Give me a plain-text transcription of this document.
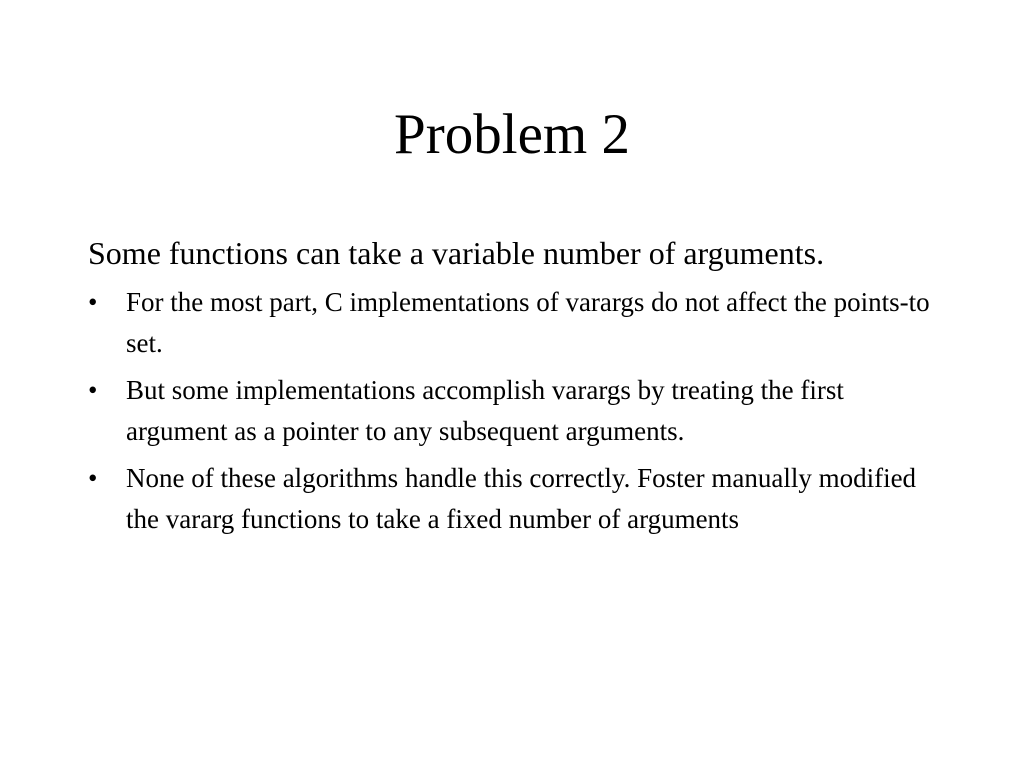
Problem 2

Some functions can take a variable number of arguments.

• For the most part, C implementations of varargs do not affect the points-to set.
• But some implementations accomplish varargs by treating the first argument as a pointer to any subsequent arguments.
• None of these algorithms handle this correctly. Foster manually modified the vararg functions to take a fixed number of arguments
